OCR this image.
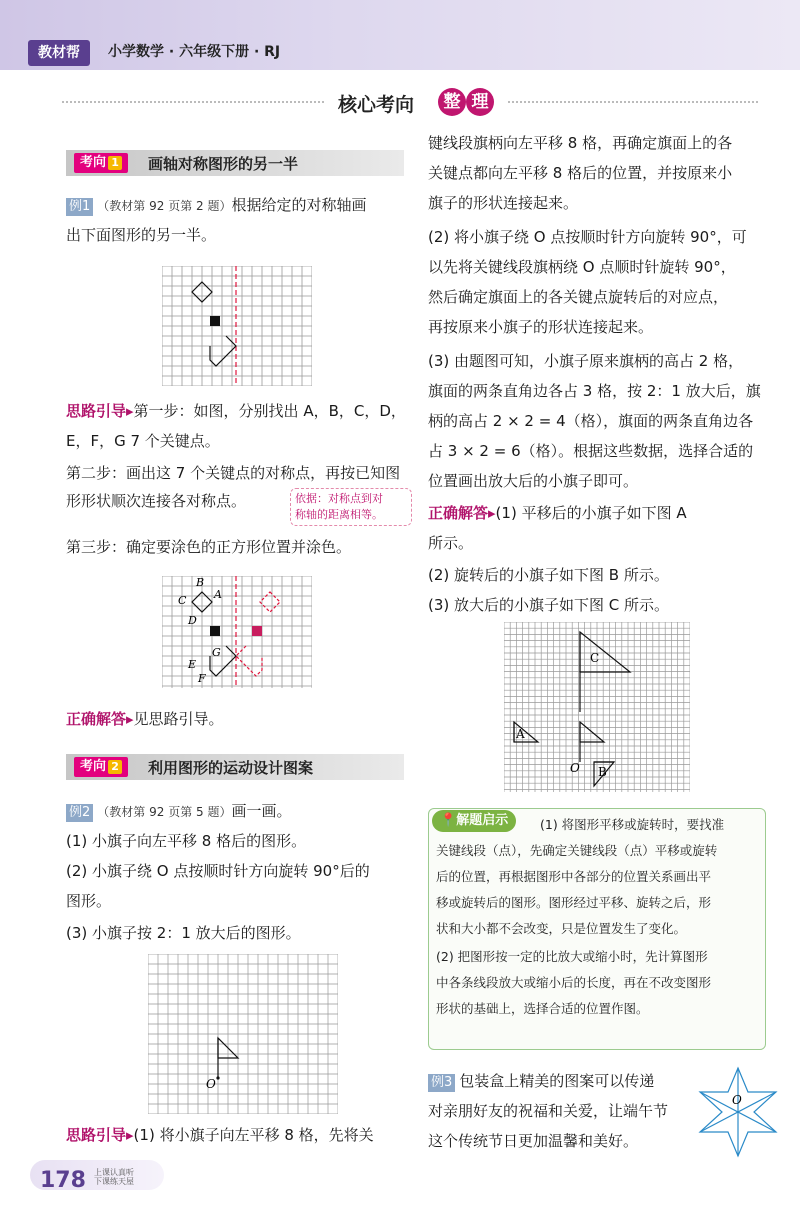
教材帮	小学数学 · 六年级下册 · RJ
核心考向	整 理
考向 1	画轴对称图形的另一半
例1 （教材第 92 页第 2 题）根据给定的对称轴画
出下面图形的另一半。
思路引导▸第一步：如图，分别找出 A，B，C，D，
E，F，G 7 个关键点。
第二步：画出这 7 个关键点的对称点，再按已知图
形形状顺次连接各对称点。	依据：对称点到对
称轴的距离相等。
第三步：确定要涂色的正方形位置并涂色。
B
C	A
D
G
E
F
正确解答▸见思路引导。
考向 2	利用图形的运动设计图案
例2 （教材第 92 页第 5 题）画一画。
(1) 小旗子向左平移 8 格后的图形。
(2) 小旗子绕 O 点按顺时针方向旋转 90°后的
图形。
(3) 小旗子按 2：1 放大后的图形。
O
思路引导▸(1) 将小旗子向左平移 8 格，先将关
键线段旗柄向左平移 8 格，再确定旗面上的各
关键点都向左平移 8 格后的位置，并按原来小
旗子的形状连接起来。
(2) 将小旗子绕 O 点按顺时针方向旋转 90°，可
以先将关键线段旗柄绕 O 点顺时针旋转 90°，
然后确定旗面上的各关键点旋转后的对应点，
再按原来小旗子的形状连接起来。
(3) 由题图可知，小旗子原来旗柄的高占 2 格，
旗面的两条直角边各占 3 格，按 2：1 放大后，旗
柄的高占 2 × 2 = 4（格），旗面的两条直角边各
占 3 × 2 = 6（格）。根据这些数据，选择合适的
位置画出放大后的小旗子即可。
正确解答▸(1) 平移后的小旗子如下图 A
所示。
(2) 旋转后的小旗子如下图 B 所示。
(3) 放大后的小旗子如下图 C 所示。
C
A
O B
📍解题启示	(1) 将图形平移或旋转时，要找准
关键线段（点），先确定关键线段（点）平移或旋转
后的位置，再根据图形中各部分的位置关系画出平
移或旋转后的图形。图形经过平移、旋转之后，形
状和大小都不会改变，只是位置发生了变化。
(2) 把图形按一定的比放大或缩小时，先计算图形
中各条线段放大或缩小后的长度，再在不改变图形
形状的基础上，选择合适的位置作图。
例3 包装盒上精美的图案可以传递
对亲朋好友的祝福和关爱，让端午节
这个传统节日更加温馨和美好。
O
178 上课认真听
下课练天屋
